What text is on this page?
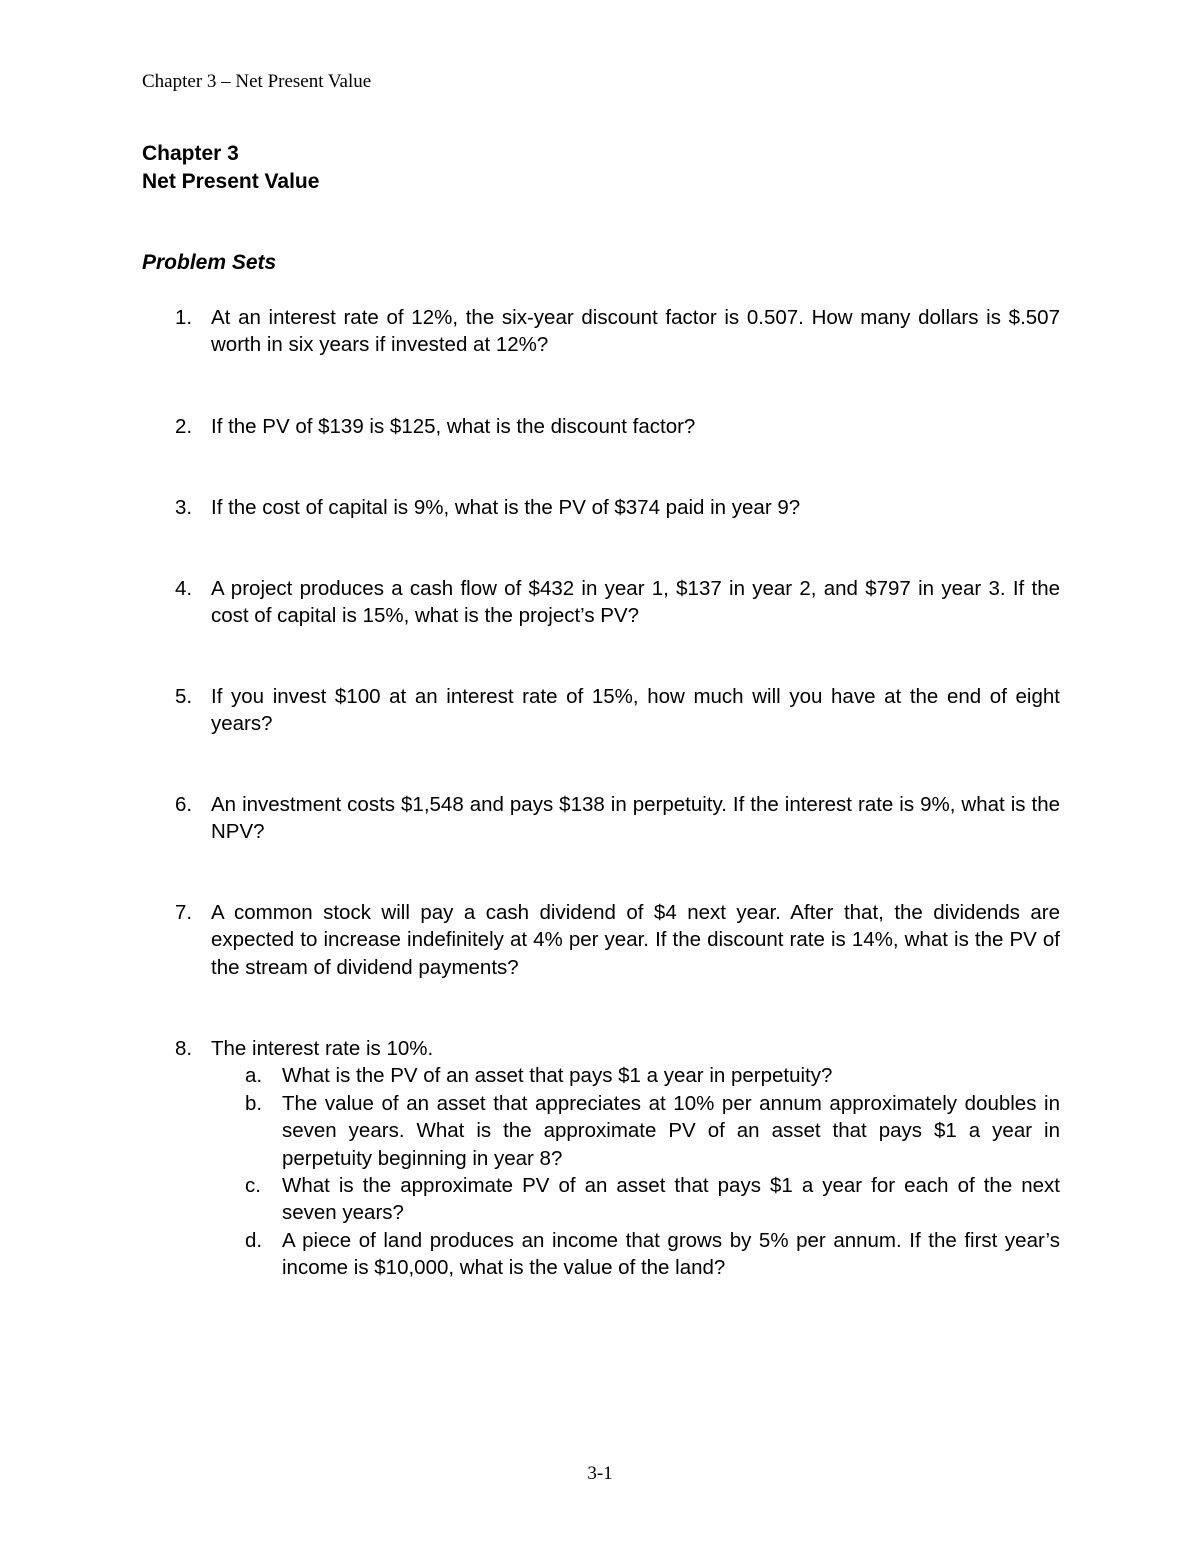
Chapter 3 – Net Present Value
Chapter 3
Net Present Value
Problem Sets
1. At an interest rate of 12%, the six-year discount factor is 0.507. How many dollars is $.507 worth in six years if invested at 12%?
2. If the PV of $139 is $125, what is the discount factor?
3. If the cost of capital is 9%, what is the PV of $374 paid in year 9?
4. A project produces a cash flow of $432 in year 1, $137 in year 2, and $797 in year 3. If the cost of capital is 15%, what is the project’s PV?
5. If you invest $100 at an interest rate of 15%, how much will you have at the end of eight years?
6. An investment costs $1,548 and pays $138 in perpetuity. If the interest rate is 9%, what is the NPV?
7. A common stock will pay a cash dividend of $4 next year. After that, the dividends are expected to increase indefinitely at 4% per year. If the discount rate is 14%, what is the PV of the stream of dividend payments?
8. The interest rate is 10%.
a. What is the PV of an asset that pays $1 a year in perpetuity?
b. The value of an asset that appreciates at 10% per annum approximately doubles in seven years. What is the approximate PV of an asset that pays $1 a year in perpetuity beginning in year 8?
c. What is the approximate PV of an asset that pays $1 a year for each of the next seven years?
d. A piece of land produces an income that grows by 5% per annum. If the first year’s income is $10,000, what is the value of the land?
3-1
